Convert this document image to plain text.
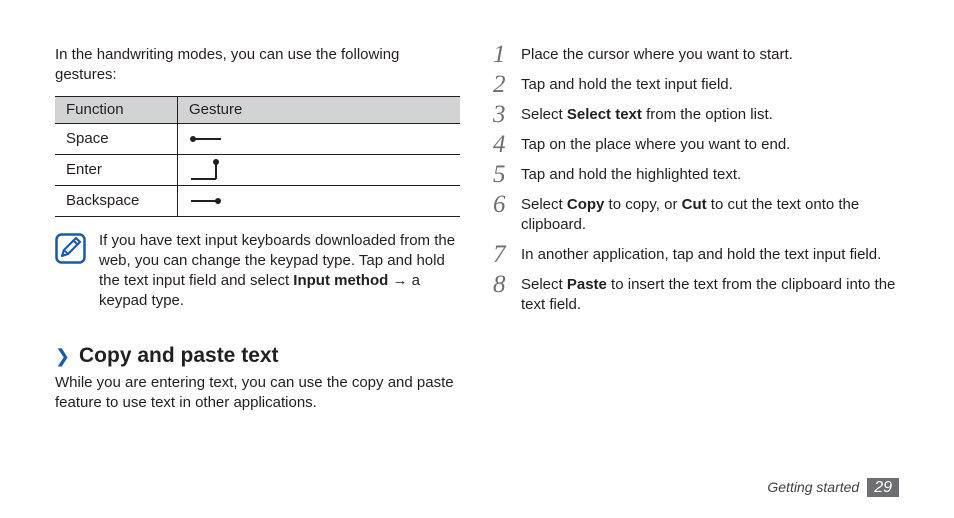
In the handwriting modes, you can use the following gestures:

Function	Gesture
Space	

Enter	

Backspace	

If you have text input keyboards downloaded from the web, you can change the keypad type. Tap and hold the text input field and select Input method → a keypad type.

❯ Copy and paste text

While you are entering text, you can use the copy and paste feature to use text in other applications.

1 Place the cursor where you want to start.

2 Tap and hold the text input field.

3 Select Select text from the option list.

4 Tap on the place where you want to end.

5 Tap and hold the highlighted text.

6 Select Copy to copy, or Cut to cut the text onto the clipboard.

7 In another application, tap and hold the text input field.

8 Select Paste to insert the text from the clipboard into the text field.

Getting started 29
